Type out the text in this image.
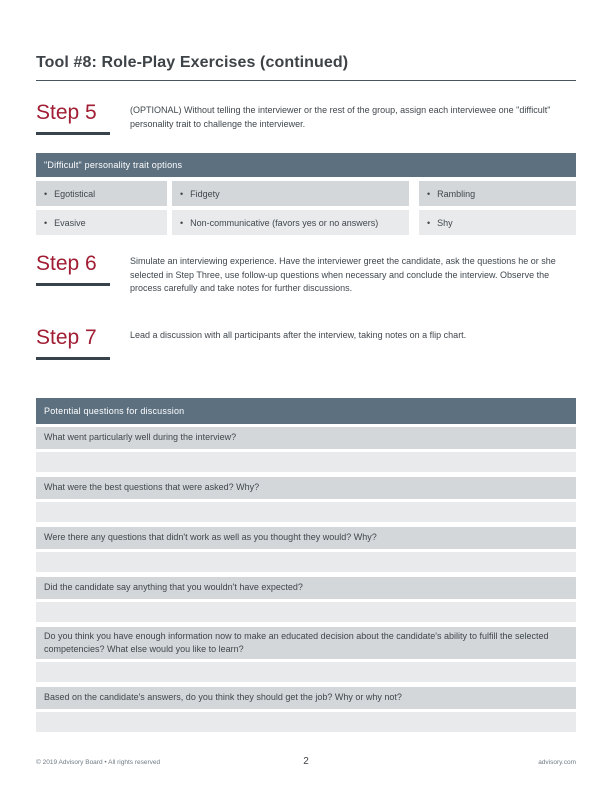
Tool #8: Role-Play Exercises (continued)
Step 5	(OPTIONAL) Without telling the interviewer or the rest of the group, assign each interviewee one "difficult" personality trait to challenge the interviewer.
"Difficult" personality trait options
• Egotistical	• Fidgety	• Rambling
• Evasive	• Non-communicative (favors yes or no answers)	• Shy
Step 6	Simulate an interviewing experience. Have the interviewer greet the candidate, ask the questions he or she selected in Step Three, use follow-up questions when necessary and conclude the interview. Observe the process carefully and take notes for further discussions.
Step 7	Lead a discussion with all participants after the interview, taking notes on a flip chart.
Potential questions for discussion
What went particularly well during the interview?
What were the best questions that were asked? Why?
Were there any questions that didn't work as well as you thought they would? Why?
Did the candidate say anything that you wouldn't have expected?
Do you think you have enough information now to make an educated decision about the candidate's ability to fulfill the selected competencies? What else would you like to learn?
Based on the candidate's answers, do you think they should get the job? Why or why not?
© 2019 Advisory Board • All rights reserved	2	advisory.com
